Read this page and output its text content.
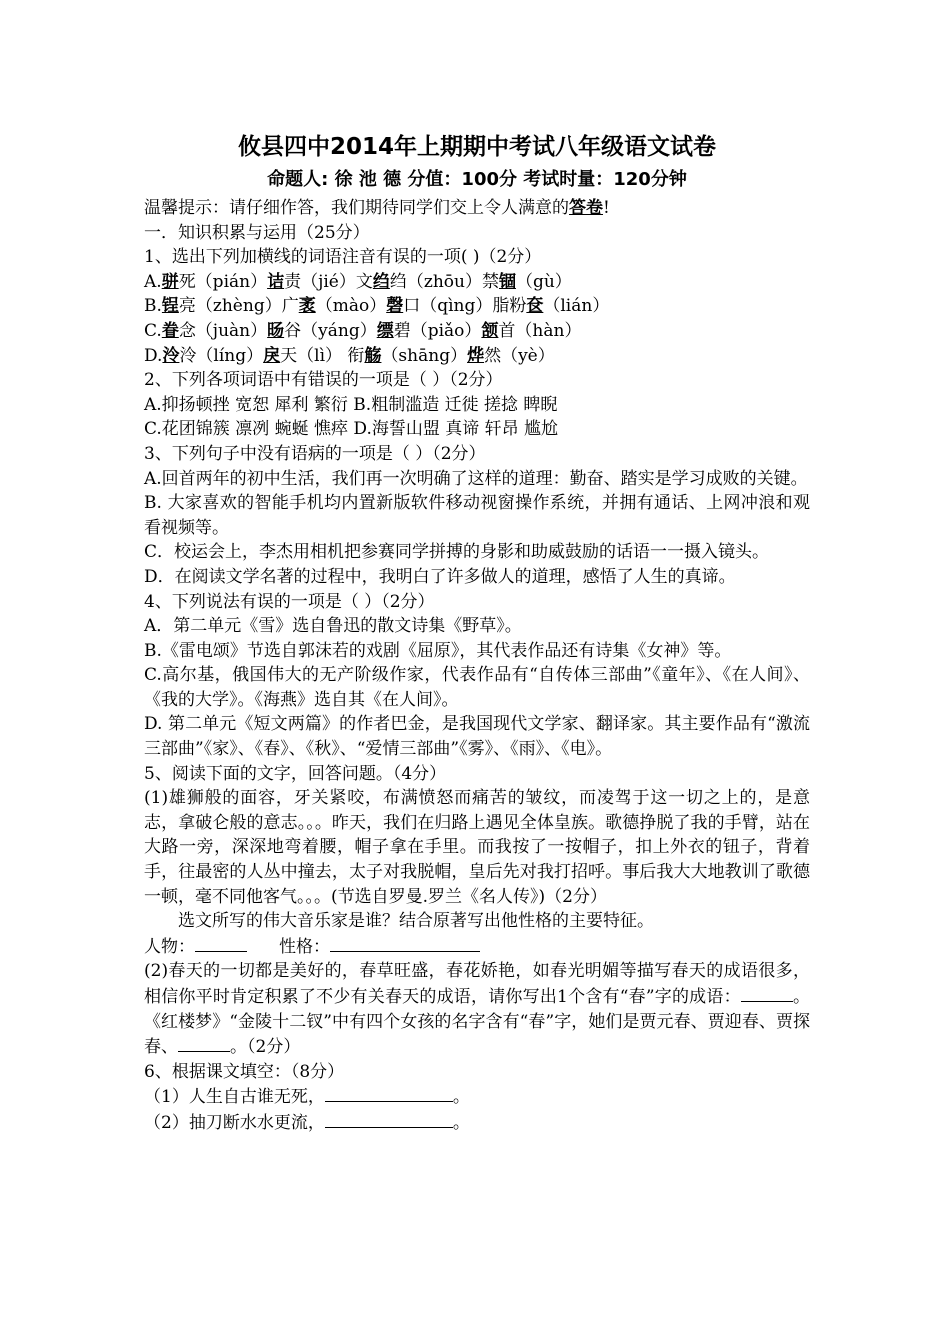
攸县四中2014年上期期中考试八年级语文试卷
命题人: 徐 池 德 分值：100分 考试时量：120分钟
温馨提示：请仔细作答，我们期待同学们交上令人满意的答卷!
一．知识积累与运用（25分）
1、选出下列加横线的词语注音有误的一项( )（2分）
A.骈死（pián）诘责（jié）文绉绉（zhōu）禁锢（gù）
B.锃亮（zhèng）广袤（mào）磬口（qìng）脂粉奁（lián）
C.眷念（juàn）旸谷（yáng）缥碧（piǎo）颔首（hàn）
D.泠泠（líng）戾天（lì） 衔觞（shāng）烨然（yè）
2、下列各项词语中有错误的一项是（ ）（2分）
A.抑扬顿挫 宽恕 犀利 繁衍 B.粗制滥造 迁徙 搓捻 睥睨
C.花团锦簇 凛冽 蜿蜒 憔瘁 D.海誓山盟 真谛 轩昂 尴尬
3、下列句子中没有语病的一项是（ ）（2分）
A.回首两年的初中生活，我们再一次明确了这样的道理：勤奋、踏实是学习成败的关键。
B. 大家喜欢的智能手机均内置新版软件移动视窗操作系统，并拥有通话、上网冲浪和观看视频等。
C．校运会上，李杰用相机把参赛同学拼搏的身影和助威鼓励的话语一一摄入镜头。
D．在阅读文学名著的过程中，我明白了许多做人的道理，感悟了人生的真谛。
4、下列说法有误的一项是（ ）（2分）
A．第二单元《雪》选自鲁迅的散文诗集《野草》。
B.《雷电颂》节选自郭沫若的戏剧《屈原》，其代表作品还有诗集《女神》等。
C.高尔基，俄国伟大的无产阶级作家，代表作品有“自传体三部曲”《童年》、《在人间》、《我的大学》。《海燕》选自其《在人间》。
D. 第二单元《短文两篇》的作者巴金，是我国现代文学家、翻译家。其主要作品有“激流三部曲”《家》、《春》、《秋》、“爱情三部曲”《雾》、《雨》、《电》。
5、阅读下面的文字，回答问题。（4分）
(1)雄狮般的面容，牙关紧咬，布满愤怒而痛苦的皱纹，而凌驾于这一切之上的，是意志，拿破仑般的意志。。。昨天，我们在归路上遇见全体皇族。歌德挣脱了我的手臂，站在大路一旁，深深地弯着腰，帽子拿在手里。而我按了一按帽子，扣上外衣的钮子，背着手，往最密的人丛中撞去，太子对我脱帽，皇后先对我打招呼。事后我大大地教训了歌德一顿，毫不同他客气。。。(节选自罗曼.罗兰《名人传》)（2分）
选文所写的伟大音乐家是谁？结合原著写出他性格的主要特征。
人物：	性格：
(2)春天的一切都是美好的，春草旺盛，春花娇艳，如春光明媚等描写春天的成语很多，相信你平时肯定积累了不少有关春天的成语，请你写出1个含有“春”字的成语：	。《红楼梦》“金陵十二钗”中有四个女孩的名字含有“春”字，她们是贾元春、贾迎春、贾探春、	。（2分）
6、根据课文填空：（8分）
（1）人生自古谁无死，	。
（2）抽刀断水水更流，	。
